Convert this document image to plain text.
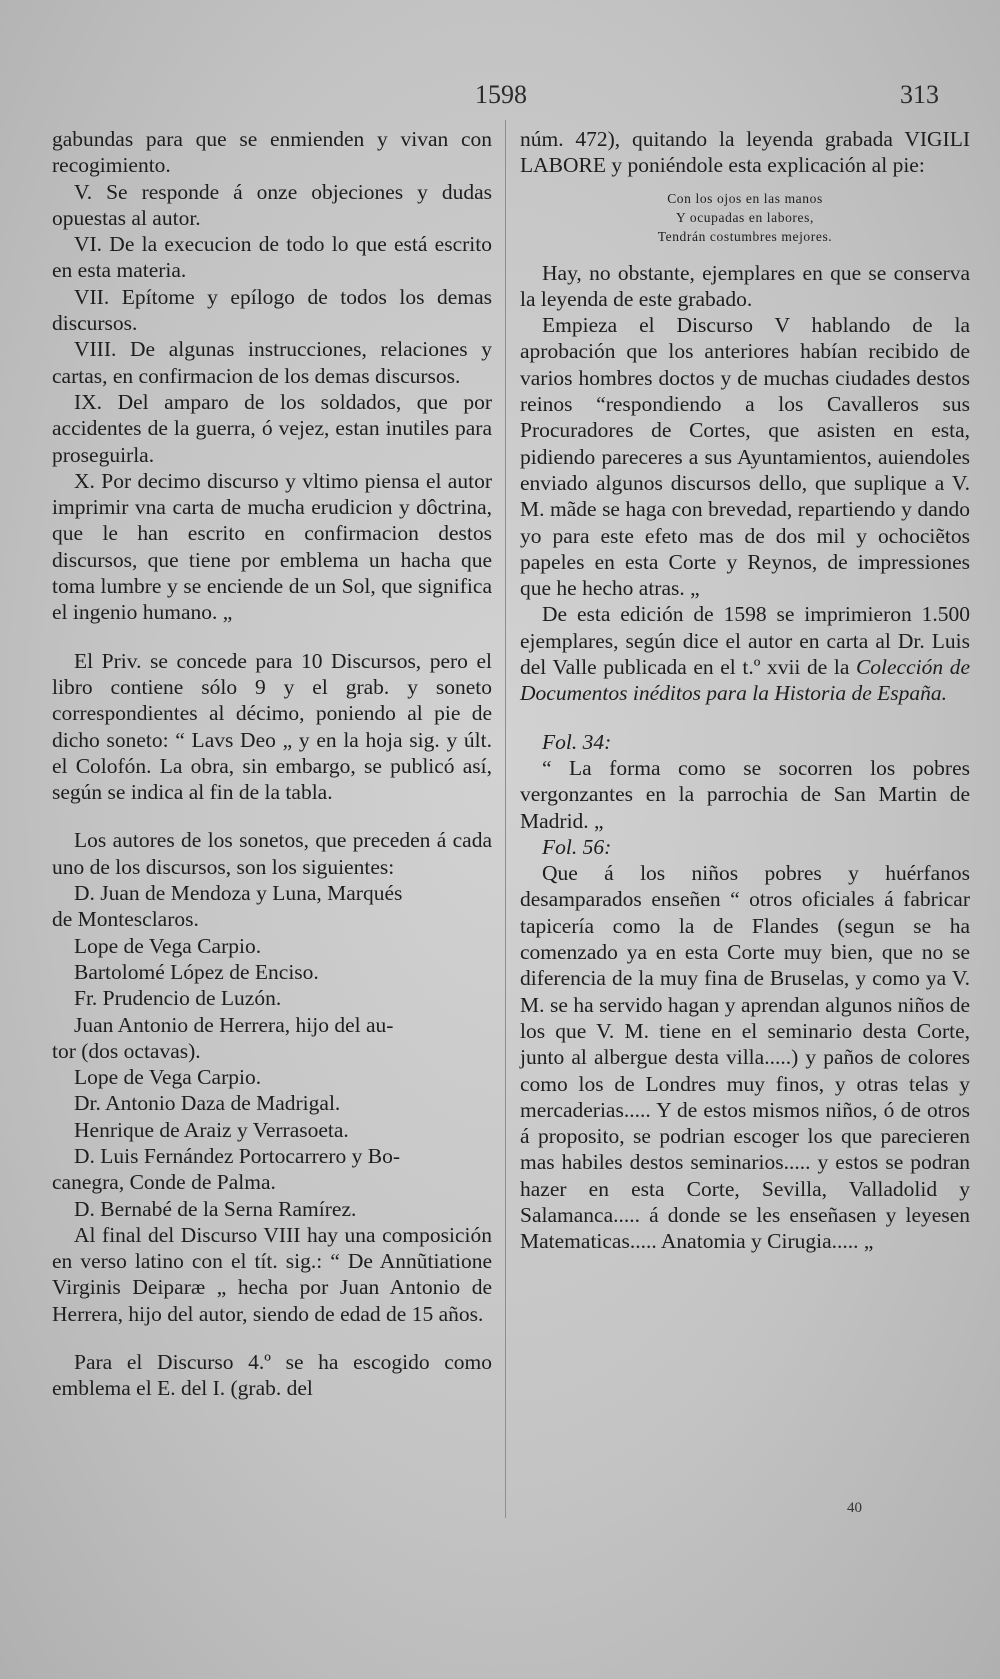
1598	313

gabundas para que se enmienden y vivan con recogimiento.

V. Se responde á onze objeciones y dudas opuestas al autor.

VI. De la execucion de todo lo que está escrito en esta materia.

VII. Epítome y epílogo de todos los demas discursos.

VIII. De algunas instrucciones, relaciones y cartas, en confirmacion de los demas discursos.

IX. Del amparo de los soldados, que por accidentes de la guerra, ó vejez, estan inutiles para proseguirla.

X. Por decimo discurso y vltimo piensa el autor imprimir vna carta de mucha erudicion y dôctrina, que le han escrito en confirmacion destos discursos, que tiene por emblema un hacha que toma lumbre y se enciende de un Sol, que significa el ingenio humano. „

El Priv. se concede para 10 Discursos, pero el libro contiene sólo 9 y el grab. y soneto correspondientes al décimo, poniendo al pie de dicho soneto: “ Lavs Deo „ y en la hoja sig. y últ. el Colofón. La obra, sin embargo, se publicó así, según se indica al fin de la tabla.

Los autores de los sonetos, que preceden á cada uno de los discursos, son los siguientes:

D. Juan de Mendoza y Luna, Marqués

de Montesclaros.

Lope de Vega Carpio.

Bartolomé López de Enciso.

Fr. Prudencio de Luzón.

Juan Antonio de Herrera, hijo del au-

tor (dos octavas).

Lope de Vega Carpio.

Dr. Antonio Daza de Madrigal.

Henrique de Araiz y Verrasoeta.

D. Luis Fernández Portocarrero y Bo-

canegra, Conde de Palma.

D. Bernabé de la Serna Ramírez.

Al final del Discurso VIII hay una composición en verso latino con el tít. sig.: “ De Annũtiatione Virginis Deiparæ „ hecha por Juan Antonio de Herrera, hijo del autor, siendo de edad de 15 años.

Para el Discurso 4.º se ha escogido como emblema el E. del I. (grab. del

núm. 472), quitando la leyenda grabada VIGILI LABORE y poniéndole esta explicación al pie:

Con los ojos en las manos
Y ocupadas en labores,
Tendrán costumbres mejores.

Hay, no obstante, ejemplares en que se conserva la leyenda de este grabado.

Empieza el Discurso V hablando de la aprobación que los anteriores habían recibido de varios hombres doctos y de muchas ciudades destos reinos “respondiendo a los Cavalleros sus Procuradores de Cortes, que asisten en esta, pidiendo pareceres a sus Ayuntamientos, auiendoles enviado algunos discursos dello, que suplique a V. M. mãde se haga con brevedad, repartiendo y dando yo para este efeto mas de dos mil y ochociẽtos papeles en esta Corte y Reynos, de impressiones que he hecho atras. „

De esta edición de 1598 se imprimieron 1.500 ejemplares, según dice el autor en carta al Dr. Luis del Valle publicada en el t.º xvii de la Colección de Documentos inéditos para la Historia de España.

Fol. 34:

“ La forma como se socorren los pobres vergonzantes en la parrochia de San Martin de Madrid. „

Fol. 56:

Que á los niños pobres y huérfanos desamparados enseñen “ otros oficiales á fabricar tapicería como la de Flandes (segun se ha comenzado ya en esta Corte muy bien, que no se diferencia de la muy fina de Bruselas, y como ya V. M. se ha servido hagan y aprendan algunos niños de los que V. M. tiene en el seminario desta Corte, junto al albergue desta villa.....) y paños de colores como los de Londres muy finos, y otras telas y mercaderias..... Y de estos mismos niños, ó de otros á proposito, se podrian escoger los que parecieren mas habiles destos seminarios..... y estos se podran hazer en esta Corte, Sevilla, Valladolid y Salamanca..... á donde se les enseñasen y leyesen Matematicas..... Anatomia y Cirugia..... „

40
